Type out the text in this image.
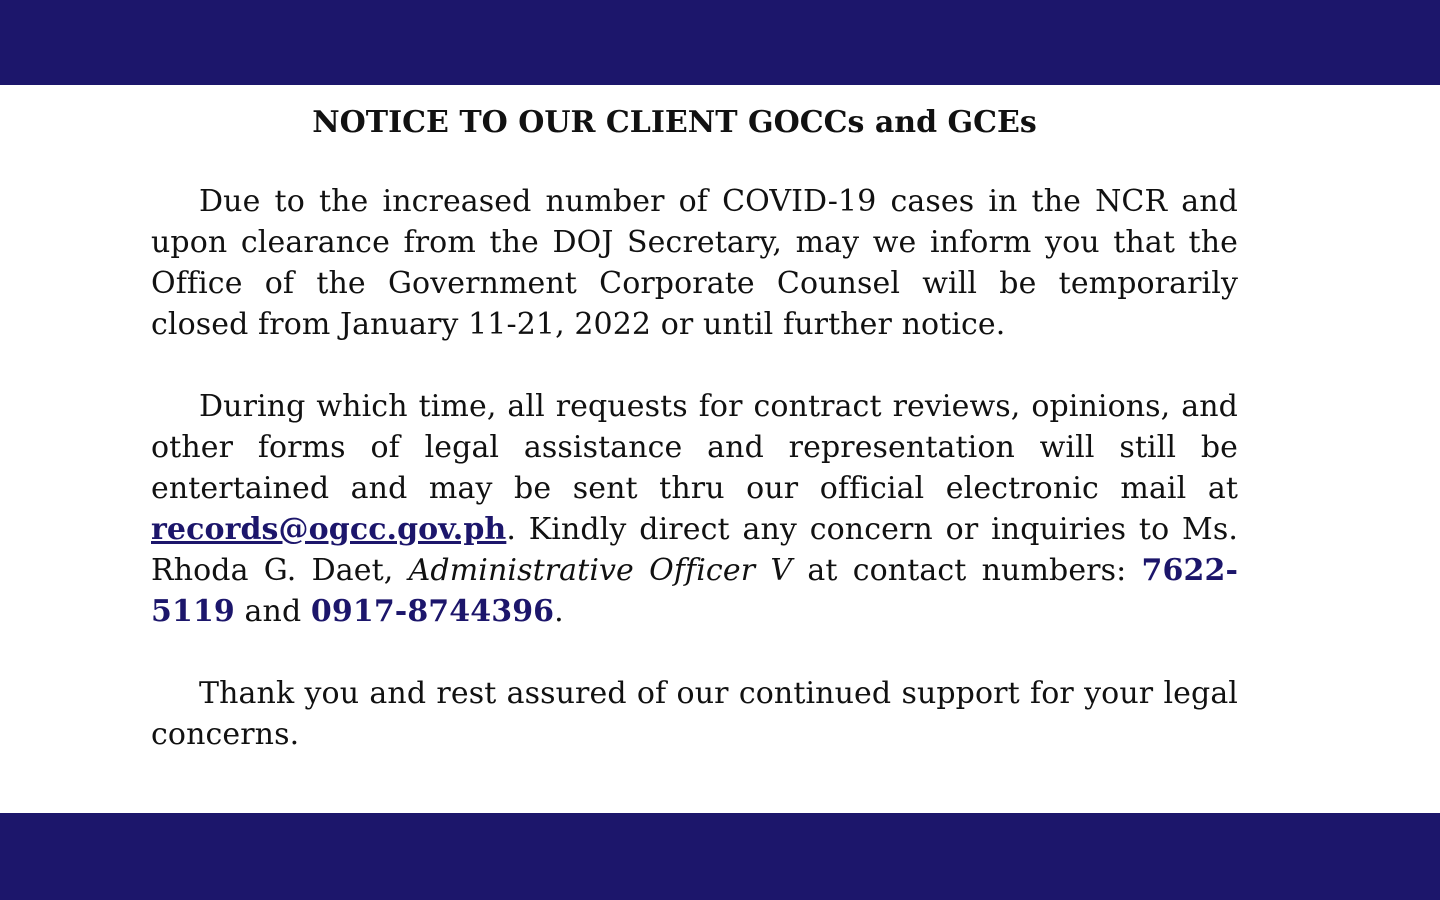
NOTICE TO OUR CLIENT GOCCs and GCEs

Due to the increased number of COVID-19 cases in the NCR and upon clearance from the DOJ Secretary, may we inform you that the Office of the Government Corporate Counsel will be temporarily closed from January 11-21, 2022 or until further notice.

During which time, all requests for contract reviews, opinions, and other forms of legal assistance and representation will still be entertained and may be sent thru our official electronic mail at records@ogcc.gov.ph. Kindly direct any concern or inquiries to Ms. Rhoda G. Daet, Administrative Officer V at contact numbers: 7622-5119 and 0917-8744396.

Thank you and rest assured of our continued support for your legal concerns.
